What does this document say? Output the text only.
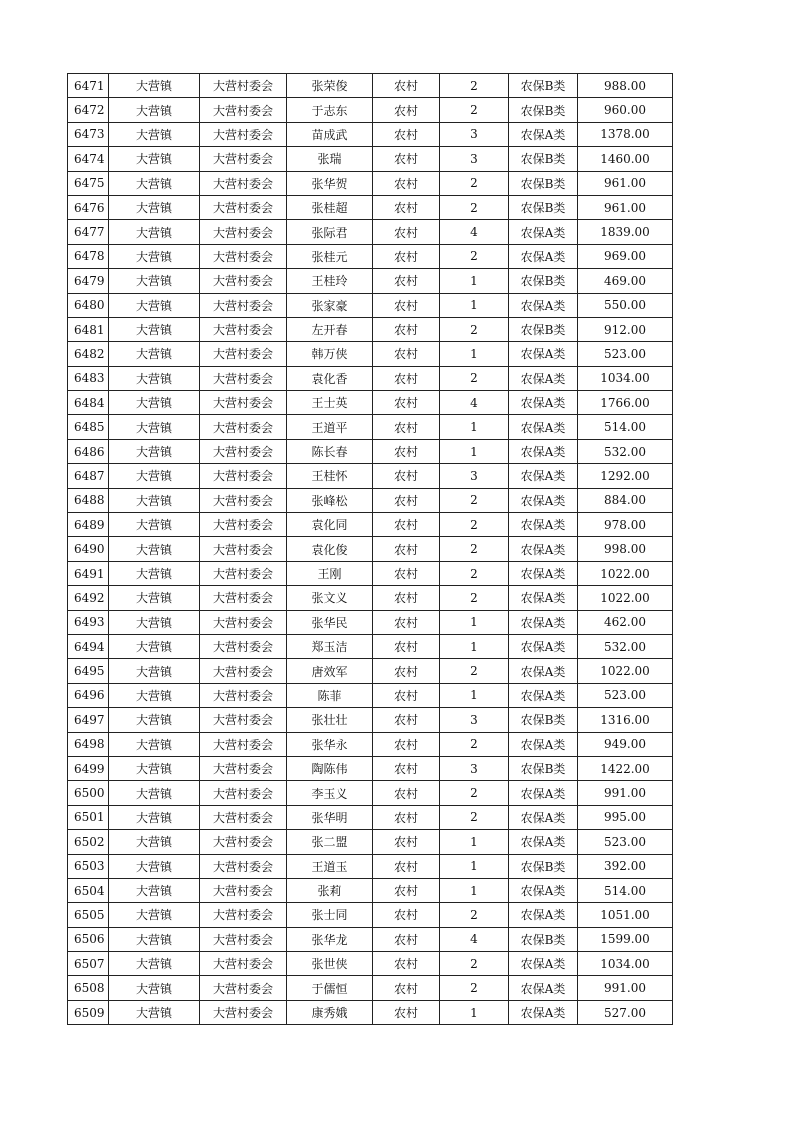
6471	大营镇	大营村委会	张荣俊	农村	2	农保B类	988.00
6472	大营镇	大营村委会	于志东	农村	2	农保B类	960.00
6473	大营镇	大营村委会	苗成武	农村	3	农保A类	1378.00
6474	大营镇	大营村委会	张瑞	农村	3	农保B类	1460.00
6475	大营镇	大营村委会	张华贺	农村	2	农保B类	961.00
6476	大营镇	大营村委会	张桂超	农村	2	农保B类	961.00
6477	大营镇	大营村委会	张际君	农村	4	农保A类	1839.00
6478	大营镇	大营村委会	张桂元	农村	2	农保A类	969.00
6479	大营镇	大营村委会	王桂玲	农村	1	农保B类	469.00
6480	大营镇	大营村委会	张家豪	农村	1	农保A类	550.00
6481	大营镇	大营村委会	左开春	农村	2	农保B类	912.00
6482	大营镇	大营村委会	韩万侠	农村	1	农保A类	523.00
6483	大营镇	大营村委会	袁化香	农村	2	农保A类	1034.00
6484	大营镇	大营村委会	王士英	农村	4	农保A类	1766.00
6485	大营镇	大营村委会	王道平	农村	1	农保A类	514.00
6486	大营镇	大营村委会	陈长春	农村	1	农保A类	532.00
6487	大营镇	大营村委会	王桂怀	农村	3	农保A类	1292.00
6488	大营镇	大营村委会	张峰松	农村	2	农保A类	884.00
6489	大营镇	大营村委会	袁化同	农村	2	农保A类	978.00
6490	大营镇	大营村委会	袁化俊	农村	2	农保A类	998.00
6491	大营镇	大营村委会	王刚	农村	2	农保A类	1022.00
6492	大营镇	大营村委会	张文义	农村	2	农保A类	1022.00
6493	大营镇	大营村委会	张华民	农村	1	农保A类	462.00
6494	大营镇	大营村委会	郑玉洁	农村	1	农保A类	532.00
6495	大营镇	大营村委会	唐效军	农村	2	农保A类	1022.00
6496	大营镇	大营村委会	陈菲	农村	1	农保A类	523.00
6497	大营镇	大营村委会	张壮壮	农村	3	农保B类	1316.00
6498	大营镇	大营村委会	张华永	农村	2	农保A类	949.00
6499	大营镇	大营村委会	陶陈伟	农村	3	农保B类	1422.00
6500	大营镇	大营村委会	李玉义	农村	2	农保A类	991.00
6501	大营镇	大营村委会	张华明	农村	2	农保A类	995.00
6502	大营镇	大营村委会	张二盟	农村	1	农保A类	523.00
6503	大营镇	大营村委会	王道玉	农村	1	农保B类	392.00
6504	大营镇	大营村委会	张莉	农村	1	农保A类	514.00
6505	大营镇	大营村委会	张士同	农村	2	农保A类	1051.00
6506	大营镇	大营村委会	张华龙	农村	4	农保B类	1599.00
6507	大营镇	大营村委会	张世侠	农村	2	农保A类	1034.00
6508	大营镇	大营村委会	于儒恒	农村	2	农保A类	991.00
6509	大营镇	大营村委会	康秀娥	农村	1	农保A类	527.00
